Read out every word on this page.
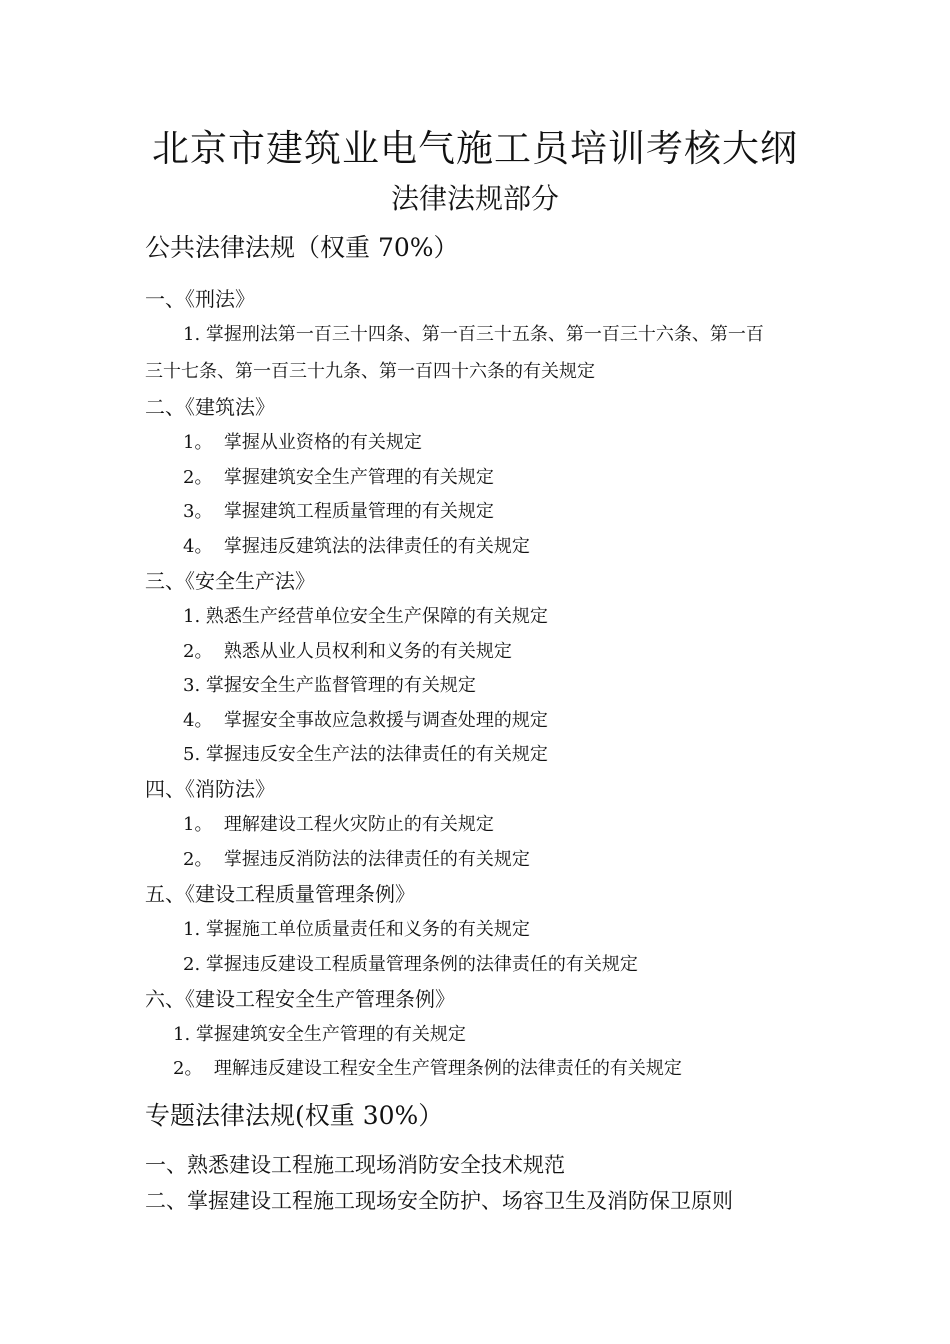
北京市建筑业电气施工员培训考核大纲
法律法规部分
公共法律法规（权重 70%）
一、《刑法》
1. 掌握刑法第一百三十四条、第一百三十五条、第一百三十六条、第一百
三十七条、第一百三十九条、第一百四十六条的有关规定
二、《建筑法》
1。 掌握从业资格的有关规定
2。 掌握建筑安全生产管理的有关规定
3。 掌握建筑工程质量管理的有关规定
4。 掌握违反建筑法的法律责任的有关规定
三、《安全生产法》
1. 熟悉生产经营单位安全生产保障的有关规定
2。 熟悉从业人员权利和义务的有关规定
3. 掌握安全生产监督管理的有关规定
4。 掌握安全事故应急救援与调查处理的规定
5. 掌握违反安全生产法的法律责任的有关规定
四、《消防法》
1。 理解建设工程火灾防止的有关规定
2。 掌握违反消防法的法律责任的有关规定
五、《建设工程质量管理条例》
1. 掌握施工单位质量责任和义务的有关规定
2. 掌握违反建设工程质量管理条例的法律责任的有关规定
六、《建设工程安全生产管理条例》
1. 掌握建筑安全生产管理的有关规定
2。 理解违反建设工程安全生产管理条例的法律责任的有关规定
专题法律法规(权重 30%）
一、熟悉建设工程施工现场消防安全技术规范
二、掌握建设工程施工现场安全防护、场容卫生及消防保卫原则
